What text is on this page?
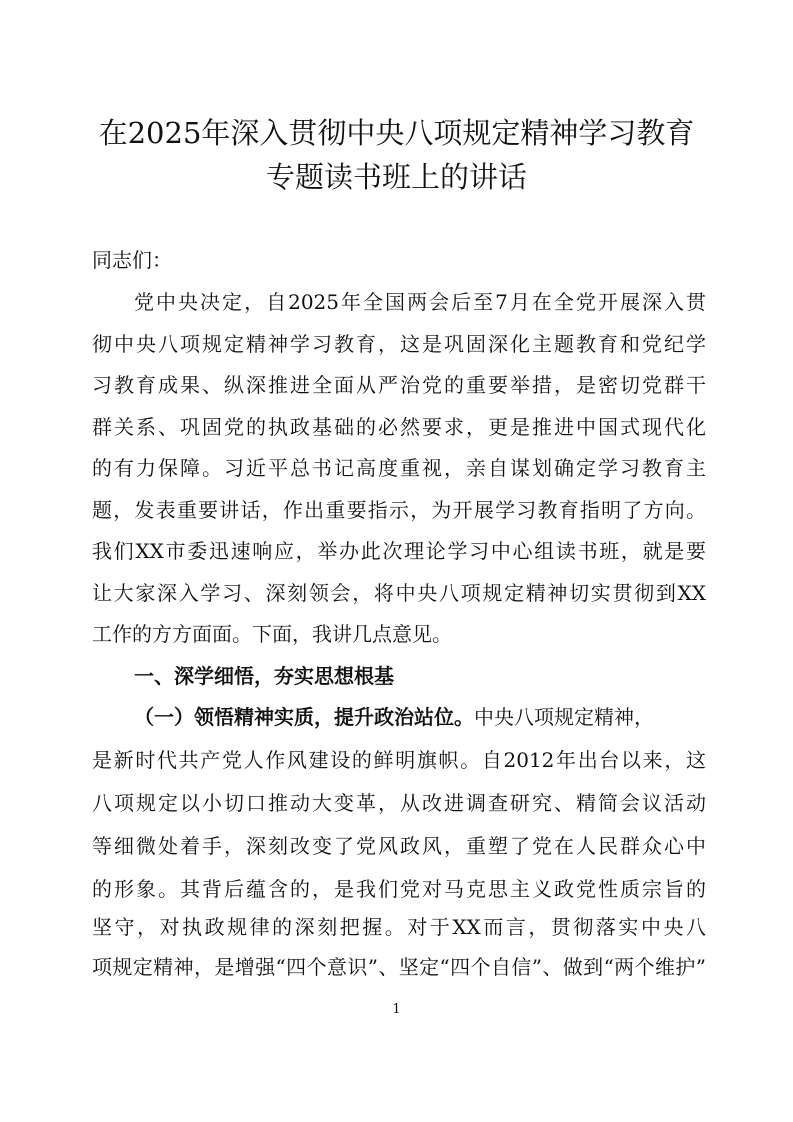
在2025年深入贯彻中央八项规定精神学习教育
专题读书班上的讲话
同志们：
党中央决定，自2025年全国两会后至7月在全党开展深入贯
彻中央八项规定精神学习教育，这是巩固深化主题教育和党纪学
习教育成果、纵深推进全面从严治党的重要举措，是密切党群干
群关系、巩固党的执政基础的必然要求，更是推进中国式现代化
的有力保障。习近平总书记高度重视，亲自谋划确定学习教育主
题，发表重要讲话，作出重要指示，为开展学习教育指明了方向。
我们XX市委迅速响应，举办此次理论学习中心组读书班，就是要
让大家深入学习、深刻领会，将中央八项规定精神切实贯彻到XX
工作的方方面面。下面，我讲几点意见。
一、深学细悟，夯实思想根基
（一）领悟精神实质，提升政治站位。中央八项规定精神，
是新时代共产党人作风建设的鲜明旗帜。自2012年出台以来，这
八项规定以小切口推动大变革，从改进调查研究、精简会议活动
等细微处着手，深刻改变了党风政风，重塑了党在人民群众心中
的形象。其背后蕴含的，是我们党对马克思主义政党性质宗旨的
坚守，对执政规律的深刻把握。对于XX而言，贯彻落实中央八
项规定精神，是增强“四个意识”、坚定“四个自信”、做到“两个维护”
1
